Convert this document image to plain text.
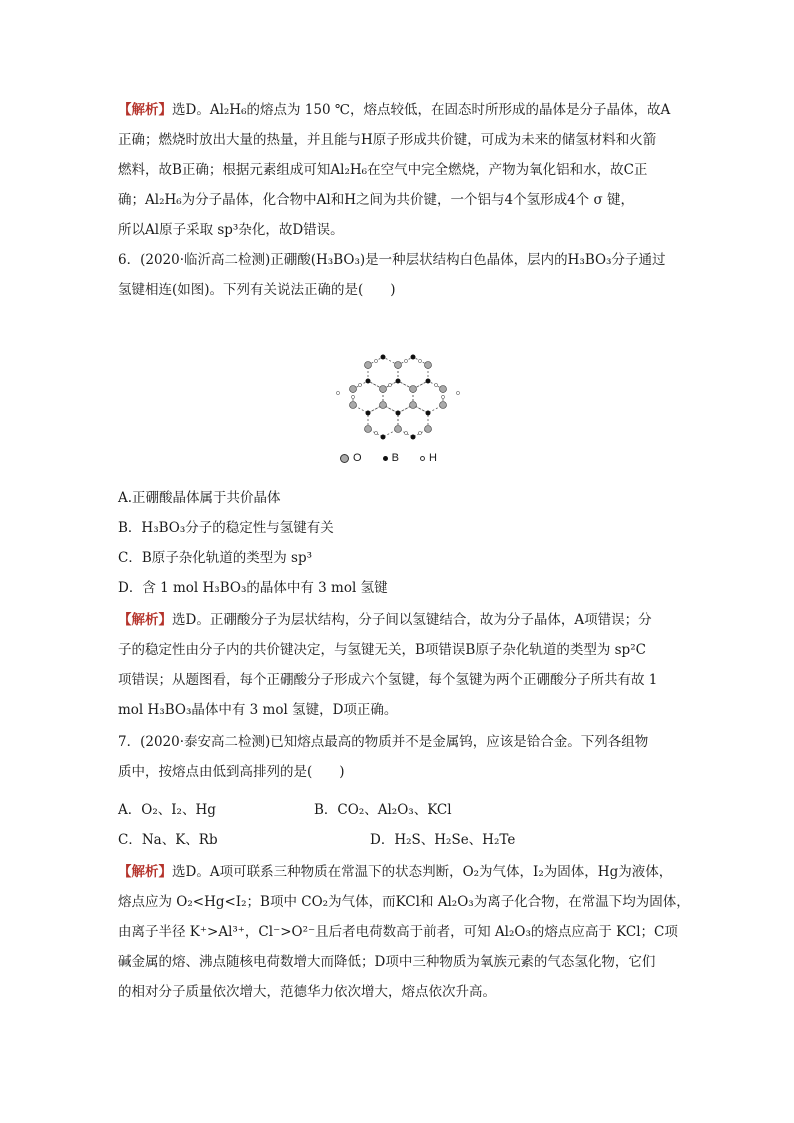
【解析】选D。Al₂H₆的熔点为 150 ℃，熔点较低，在固态时所形成的晶体是分子晶体，故A
正确；燃烧时放出大量的热量，并且能与H原子形成共价键，可成为未来的储氢材料和火箭
燃料，故B正确；根据元素组成可知Al₂H₆在空气中完全燃烧，产物为氧化铝和水，故C正
确；Al₂H₆为分子晶体，化合物中Al和H之间为共价键，一个铝与4个氢形成4个 σ 键，
所以Al原子采取 sp³杂化，故D错误。
6．(2020·临沂高二检测)正硼酸(H₃BO₃)是一种层状结构白色晶体，层内的H₃BO₃分子通过
氢键相连(如图)。下列有关说法正确的是(　　)
O	B	H
A.正硼酸晶体属于共价晶体
B．H₃BO₃分子的稳定性与氢键有关
C．B原子杂化轨道的类型为 sp³
D．含 1 mol H₃BO₃的晶体中有 3 mol 氢键
【解析】选D。正硼酸分子为层状结构，分子间以氢键结合，故为分子晶体，A项错误；分
子的稳定性由分子内的共价键决定，与氢键无关，B项错误B原子杂化轨道的类型为 sp²C
项错误；从题图看，每个正硼酸分子形成六个氢键，每个氢键为两个正硼酸分子所共有故 1
mol H₃BO₃晶体中有 3 mol 氢键，D项正确。
7．(2020·泰安高二检测)已知熔点最高的物质并不是金属钨，应该是铪合金。下列各组物
质中，按熔点由低到高排列的是(　　)
A．O₂、I₂、Hg	B．CO₂、Al₂O₃、KCl
C．Na、K、Rb	D．H₂S、H₂Se、H₂Te
【解析】选D。A项可联系三种物质在常温下的状态判断，O₂为气体，I₂为固体，Hg为液体，
熔点应为 O₂<Hg<I₂；B项中 CO₂为气体，而KCl和 Al₂O₃为离子化合物，在常温下均为固体，
由离子半径 K⁺>Al³⁺，Cl⁻>O²⁻且后者电荷数高于前者，可知 Al₂O₃的熔点应高于 KCl；C项
碱金属的熔、沸点随核电荷数增大而降低；D项中三种物质为氧族元素的气态氢化物，它们
的相对分子质量依次增大，范德华力依次增大，熔点依次升高。
